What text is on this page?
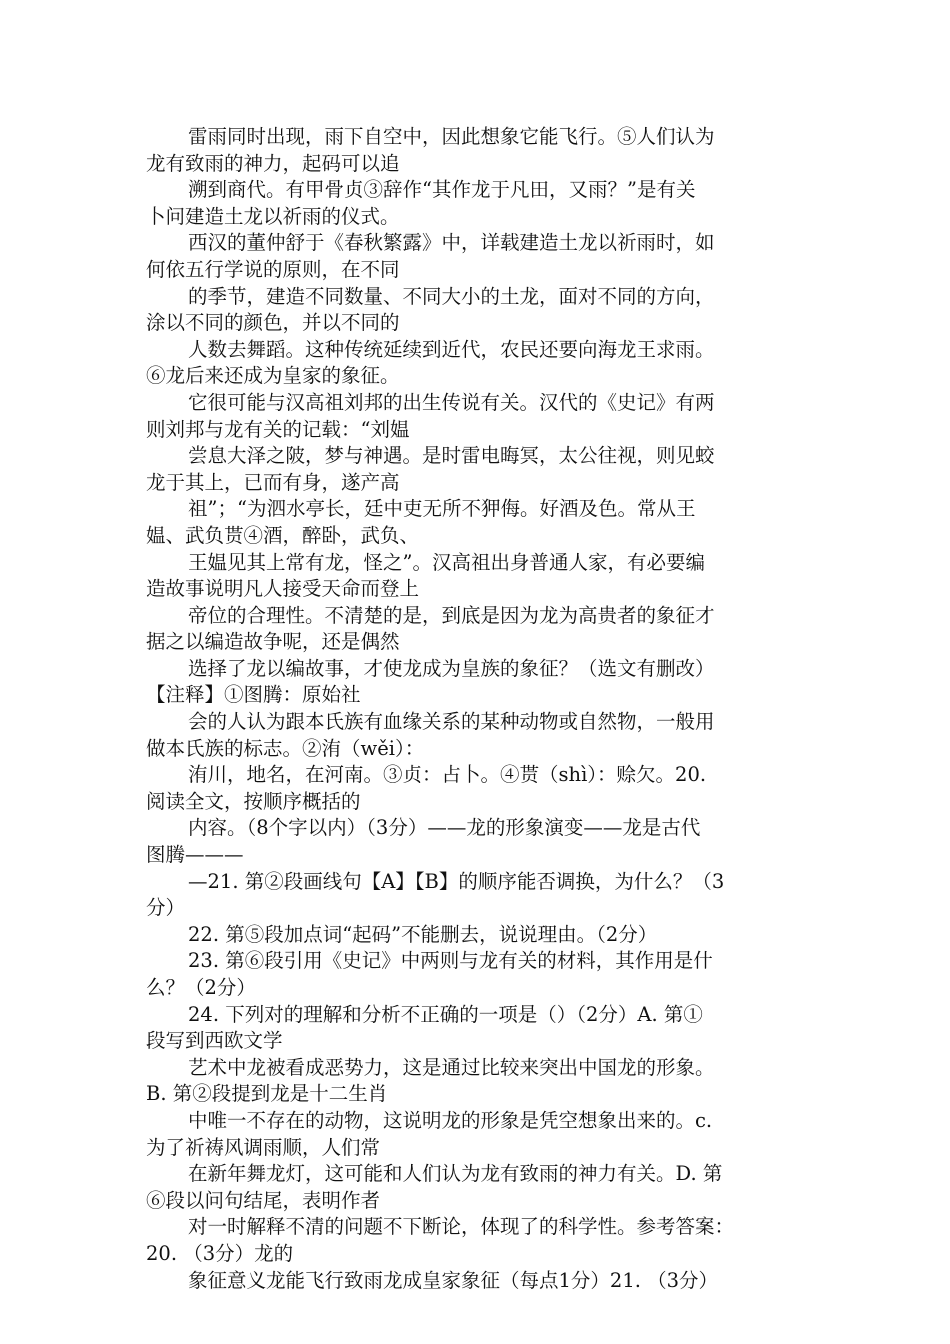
雷雨同时出现，雨下自空中，因此想象它能飞行。⑤人们认为
龙有致雨的神力，起码可以追
溯到商代。有甲骨贞③辞作“其作龙于凡田，又雨？”是有关
卜问建造土龙以祈雨的仪式。
西汉的董仲舒于《春秋繁露》中，详载建造土龙以祈雨时，如
何依五行学说的原则，在不同
的季节，建造不同数量、不同大小的土龙，面对不同的方向，
涂以不同的颜色，并以不同的
人数去舞蹈。这种传统延续到近代，农民还要向海龙王求雨。
⑥龙后来还成为皇家的象征。
它很可能与汉高祖刘邦的出生传说有关。汉代的《史记》有两
则刘邦与龙有关的记载：“刘媪
尝息大泽之陂，梦与神遇。是时雷电晦冥，太公往视，则见蛟
龙于其上，已而有身，遂产高
祖”；“为泗水亭长，廷中吏无所不狎侮。好酒及色。常从王
媪、武负贳④酒，醉卧，武负、
王媪见其上常有龙，怪之”。汉高祖出身普通人家，有必要编
造故事说明凡人接受天命而登上
帝位的合理性。不清楚的是，到底是因为龙为高贵者的象征才
据之以编造故争呢，还是偶然
选择了龙以编故事，才使龙成为皇族的象征？（选文有删改）
【注释】①图腾：原始社
会的人认为跟本氏族有血缘关系的某种动物或自然物，一般用
做本氏族的标志。②洧（wěi）：
洧川，地名，在河南。③贞：占卜。④贳（shì）：赊欠。20.
阅读全文，按顺序概括的
内容。（8个字以内）（3分）——龙的形象演变——龙是古代
图腾———
—21. 第②段画线句【A】【B】的顺序能否调换，为什么？（3
分）
22. 第⑤段加点词“起码”不能删去，说说理由。（2分）
23. 第⑥段引用《史记》中两则与龙有关的材料，其作用是什
么？（2分）
24. 下列对的理解和分析不正确的一项是（）（2分）A. 第①
段写到西欧文学
艺术中龙被看成恶势力，这是通过比较来突出中国龙的形象。
B. 第②段提到龙是十二生肖
中唯一不存在的动物，这说明龙的形象是凭空想象出来的。c.
为了祈祷风调雨顺，人们常
在新年舞龙灯，这可能和人们认为龙有致雨的神力有关。D. 第
⑥段以问句结尾，表明作者
对一时解释不清的问题不下断论，体现了的科学性。参考答案：
20. （3分）龙的
象征意义龙能飞行致雨龙成皇家象征（每点1分）21. （3分）
